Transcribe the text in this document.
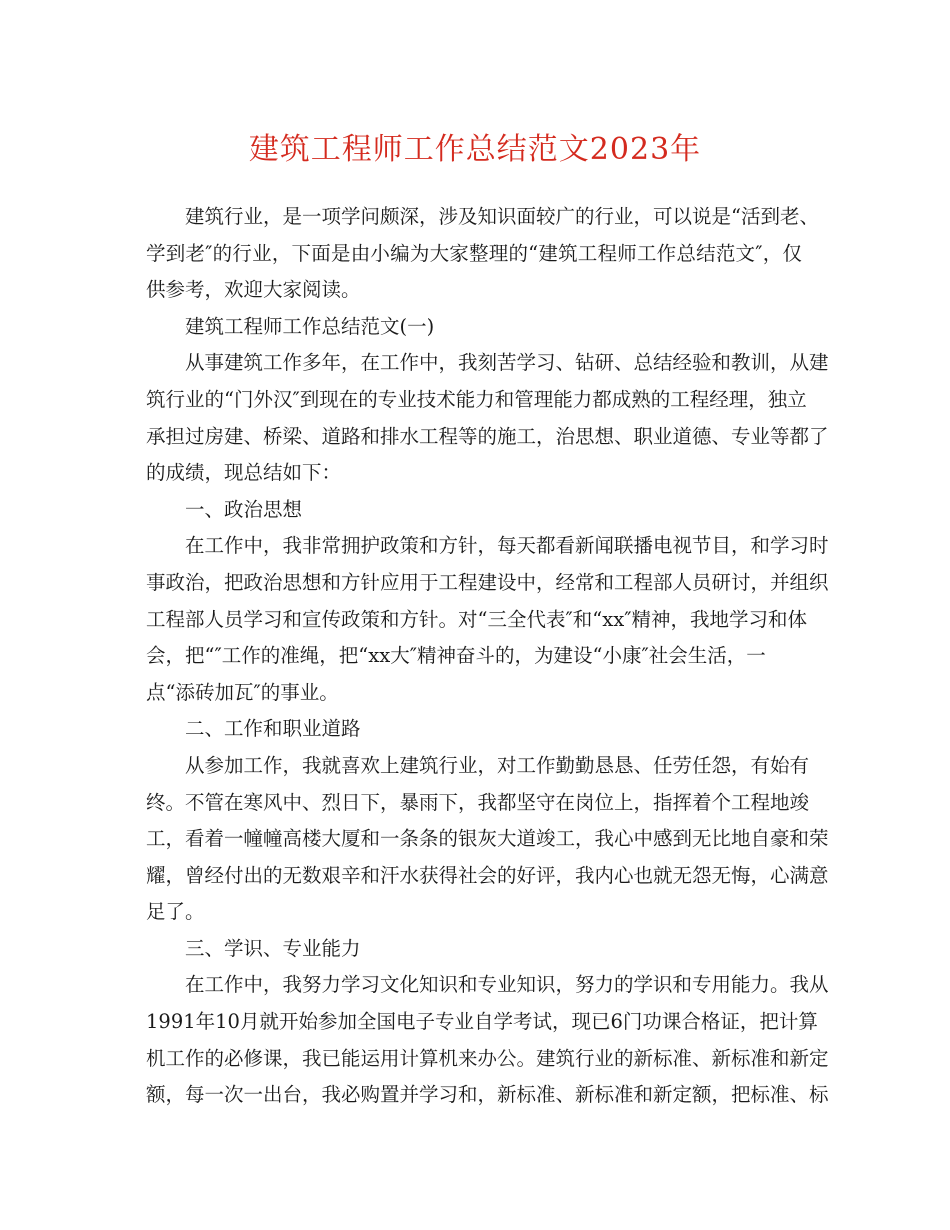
建筑工程师工作总结范文2023年
建筑行业，是一项学问颇深，涉及知识面较广的行业，可以说是“活到老、
学到老″的行业，下面是由小编为大家整理的“建筑工程师工作总结范文″，仅
供参考，欢迎大家阅读。
建筑工程师工作总结范文(一)
从事建筑工作多年，在工作中，我刻苦学习、钻研、总结经验和教训，从建
筑行业的“门外汉″到现在的专业技术能力和管理能力都成熟的工程经理，独立
承担过房建、桥梁、道路和排水工程等的施工，治思想、职业道德、专业等都了
的成绩，现总结如下：
一、政治思想
在工作中，我非常拥护政策和方针，每天都看新闻联播电视节目，和学习时
事政治，把政治思想和方针应用于工程建设中，经常和工程部人员研讨，并组织
工程部人员学习和宣传政策和方针。对“三全代表″和“xx″精神，我地学习和体
会，把“″工作的准绳，把“xx大″精神奋斗的，为建设“小康″社会生活，一
点“添砖加瓦″的事业。
二、工作和职业道路
从参加工作，我就喜欢上建筑行业，对工作勤勤恳恳、任劳任怨，有始有
终。不管在寒风中、烈日下，暴雨下，我都坚守在岗位上，指挥着个工程地竣
工，看着一幢幢高楼大厦和一条条的银灰大道竣工，我心中感到无比地自豪和荣
耀，曾经付出的无数艰辛和汗水获得社会的好评，我内心也就无怨无悔，心满意
足了。
三、学识、专业能力
在工作中，我努力学习文化知识和专业知识，努力的学识和专用能力。我从
1991年10月就开始参加全国电子专业自学考试，现已6门功课合格证，把计算
机工作的必修课，我已能运用计算机来办公。建筑行业的新标准、新标准和新定
额，每一次一出台，我必购置并学习和，新标准、新标准和新定额，把标准、标
